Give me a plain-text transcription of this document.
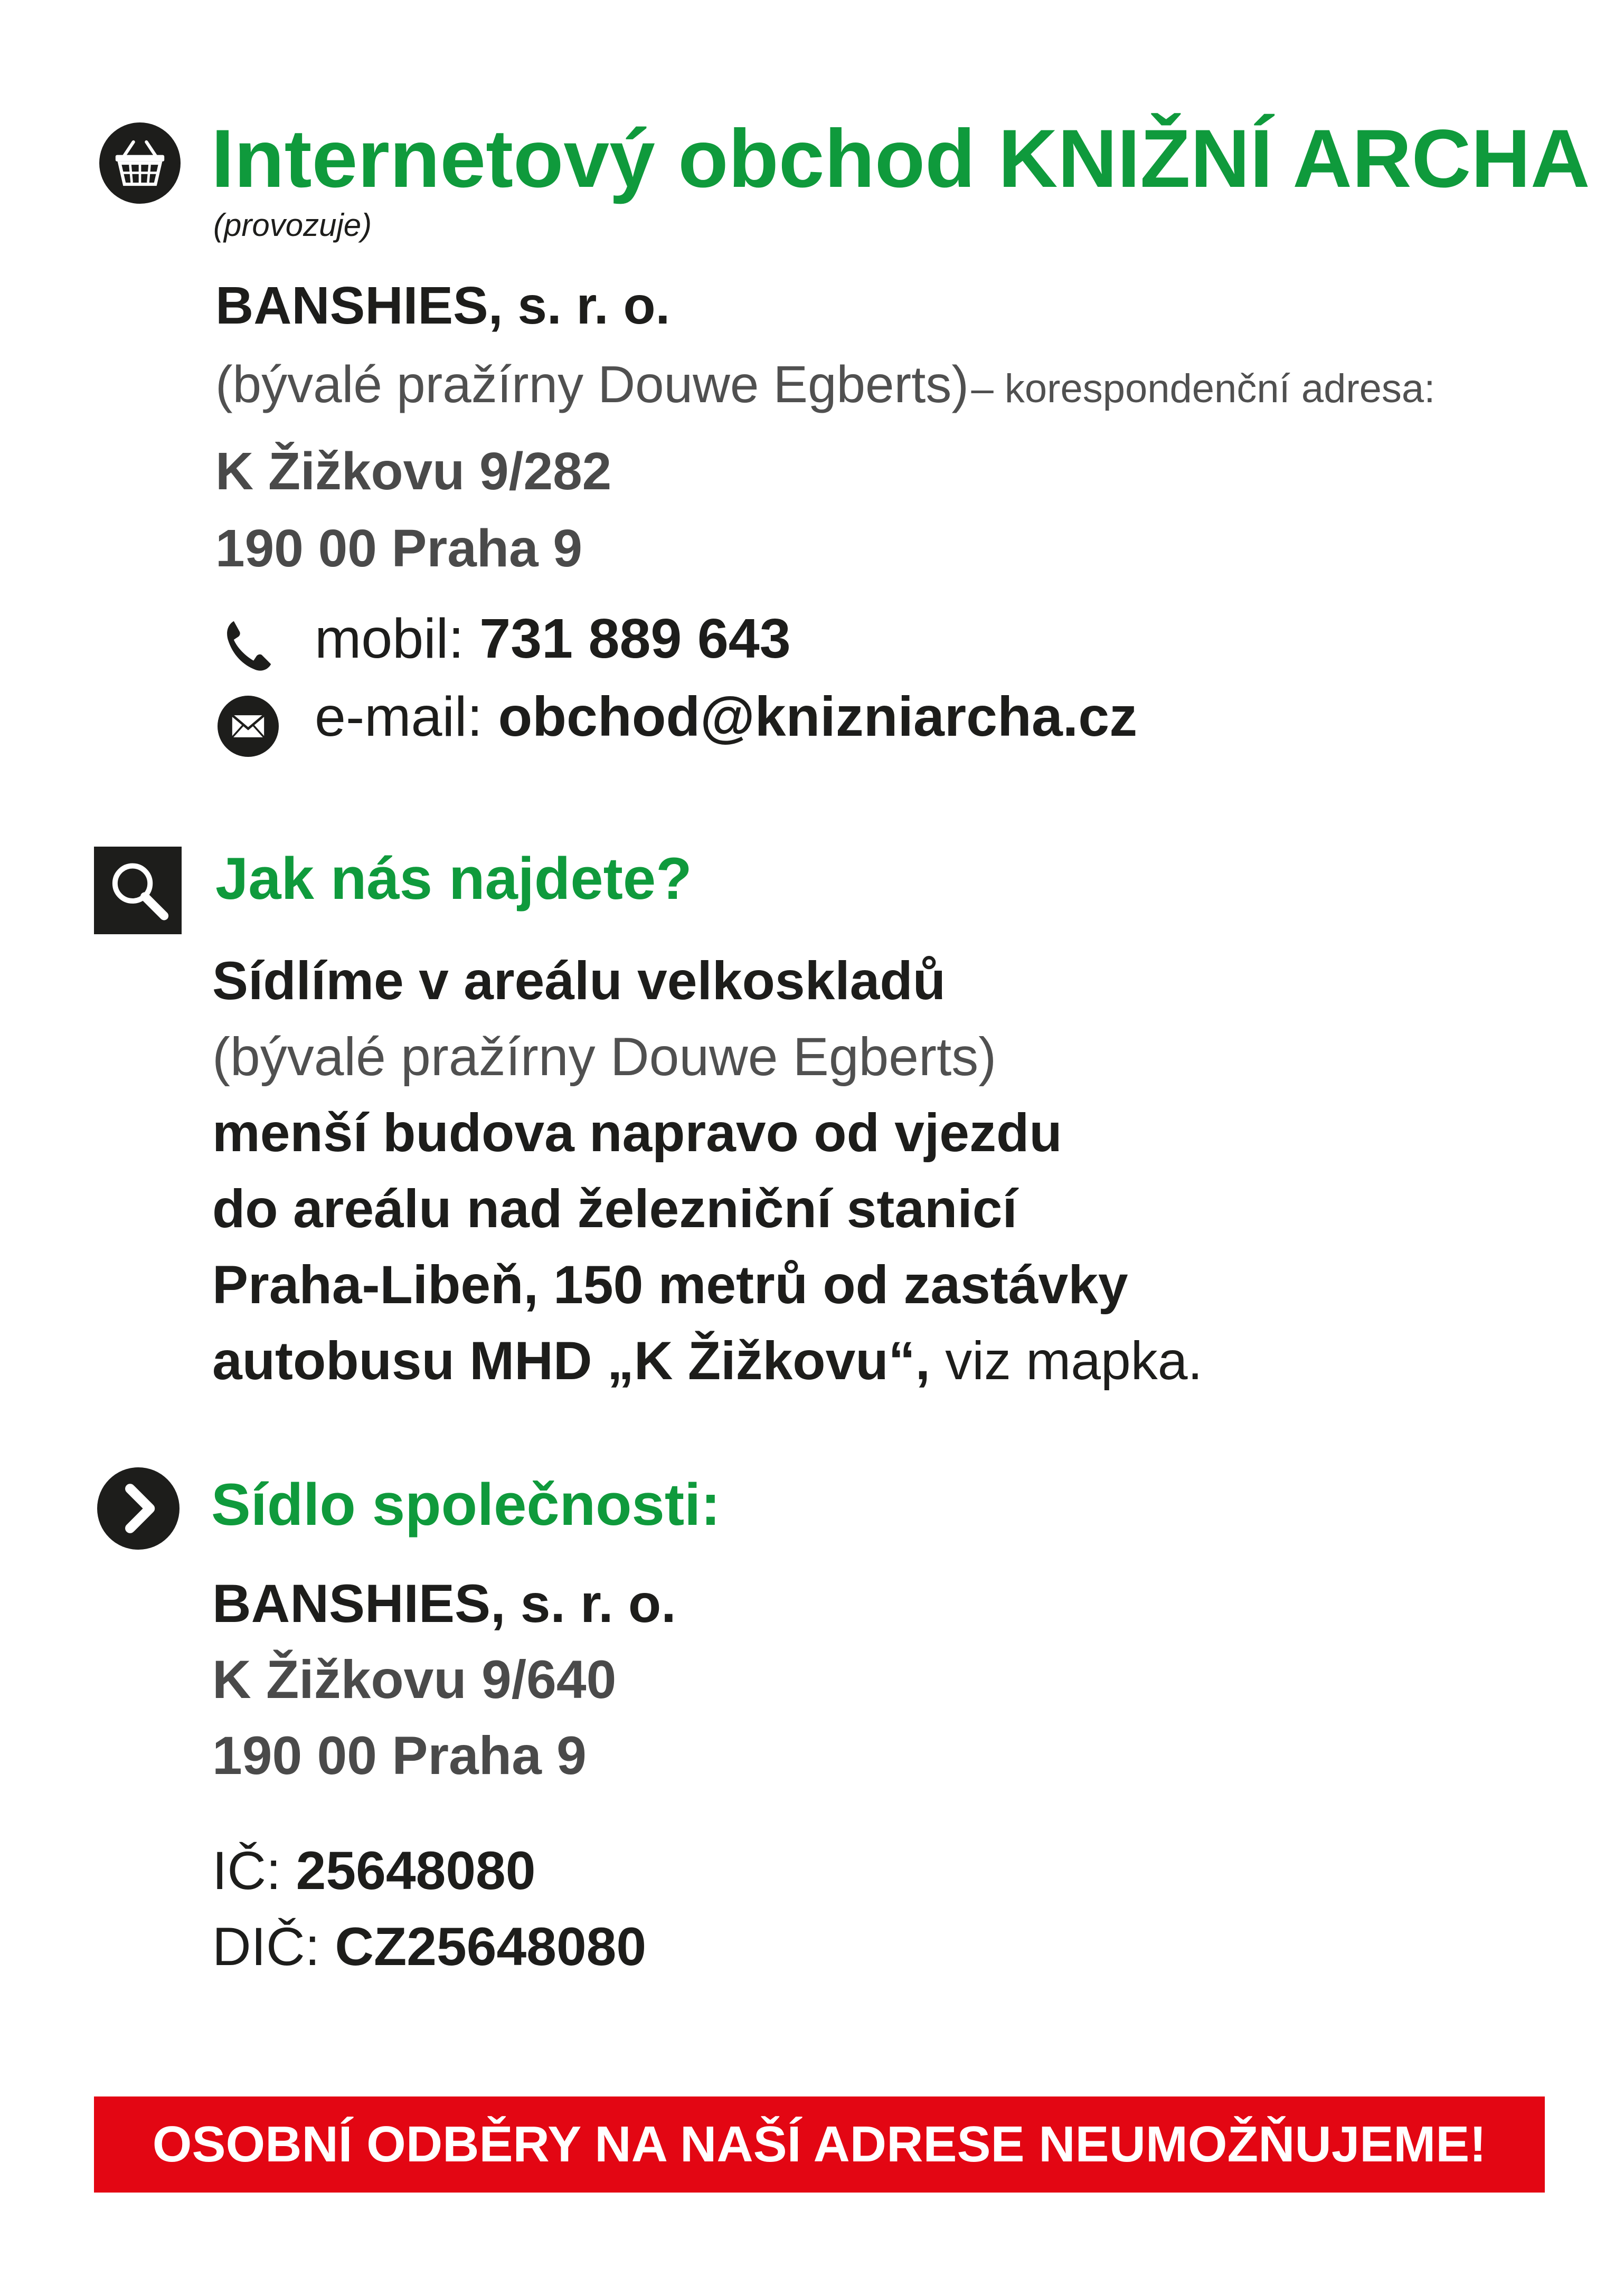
Internetový obchod KNIŽNÍ ARCHA
(provozuje)
BANSHIES, s. r. o.
(bývalé pražírny Douwe Egberts) – korespondenční adresa:
K Žižkovu 9/282
190 00 Praha 9
mobil: 731 889 643
e-mail: obchod@knizniarcha.cz
Jak nás najdete?
Sídlíme v areálu velkoskladů
(bývalé pražírny Douwe Egberts)
menší budova napravo od vjezdu
do areálu nad železniční stanicí
Praha-Libeň, 150 metrů od zastávky
autobusu MHD „K Žižkovu“, viz mapka.
Sídlo společnosti:
BANSHIES, s. r. o.
K Žižkovu 9/640
190 00 Praha 9
IČ: 25648080
DIČ: CZ25648080
OSOBNÍ ODBĚRY NA NAŠÍ ADRESE NEUMOŽŇUJEME!
